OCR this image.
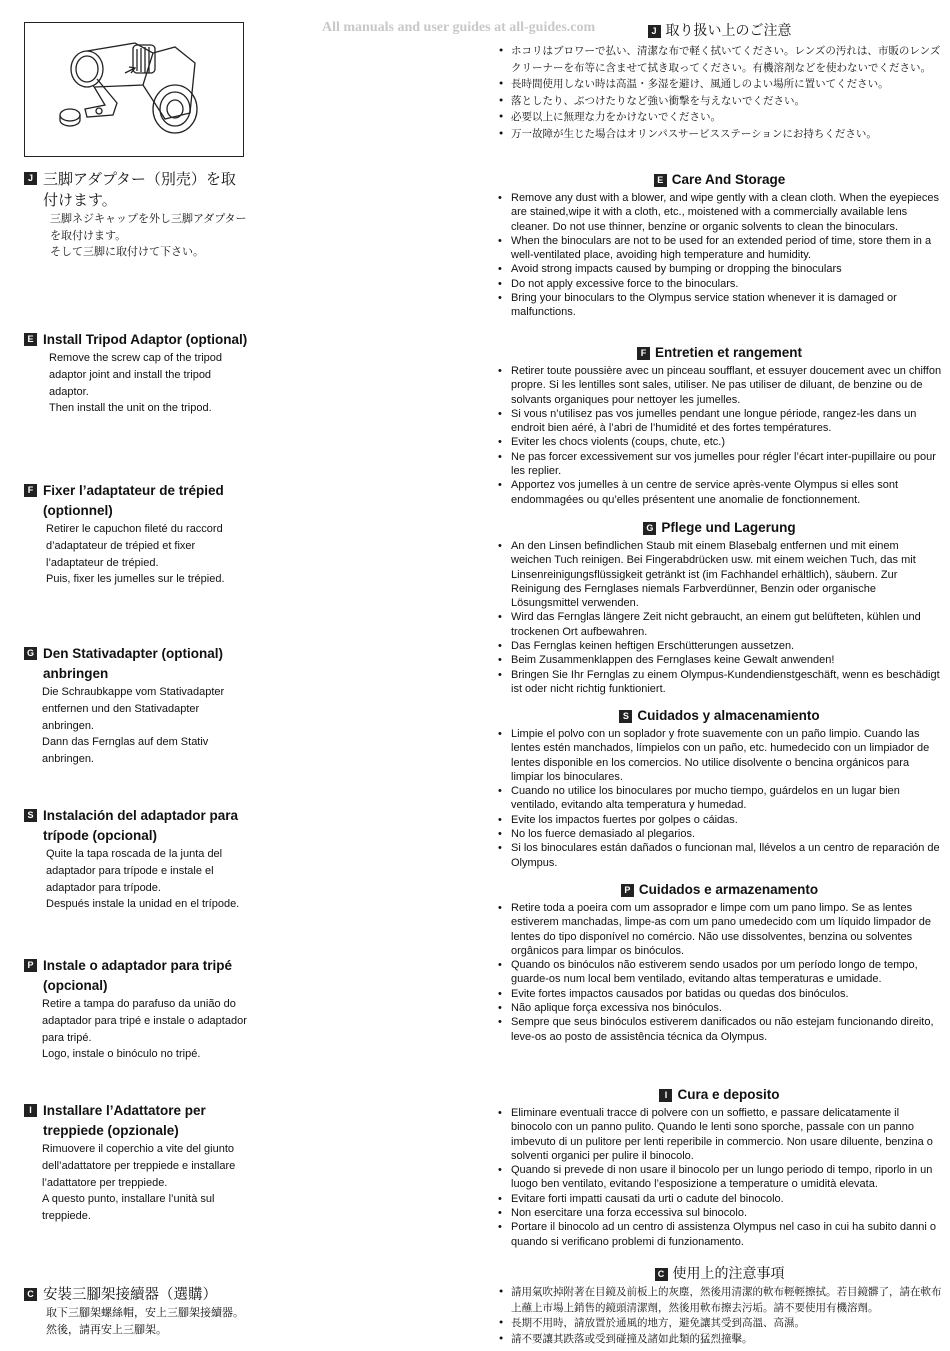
All manuals and user guides at all-guides.com
J 三脚アダプター（別売）を取付けます。

三脚ネジキャップを外し三脚アダプターを取付けます。

そして三脚に取付けて下さい。

E Install Tripod Adaptor (optional)

Remove the screw cap of the tripod adaptor joint and install the tripod adaptor.

Then install the unit on the tripod.

F Fixer l’adaptateur de trépied (optionnel)

Retirer le capuchon fileté du raccord d’adaptateur de trépied et fixer l’adaptateur de trépied.

Puis, fixer les jumelles sur le trépied.

G Den Stativadapter (optional) anbringen

Die Schraubkappe vom Stativadapter entfernen und den Stativadapter anbringen.

Dann das Fernglas auf dem Stativ anbringen.

S Instalación del adaptador para trípode (opcional)

Quite la tapa roscada de la junta del adaptador para trípode e instale el adaptador para trípode.

Después instale la unidad en el trípode.

P Instale o adaptador para tripé (opcional)

Retire a tampa do parafuso da união do adaptador para tripé e instale o adaptador para tripé.

Logo, instale o binóculo no tripé.

I Installare l’Adattatore per treppiede (opzionale)

Rimuovere il coperchio a vite del giunto dell’adattatore per treppiede e installare l’adattatore per treppiede.

A questo punto, installare l’unità sul treppiede.

C 安裝三腳架接續器（選購）

取下三腳架螺絲帽，安上三腳架接續器。然後，請再安上三腳架。

J 取り扱い上のご注意
• ホコリはブロワーで払い、清潔な布で軽く拭いてください。レンズの汚れは、市販のレンズクリーナーを布等に含ませて拭き取ってください。有機溶剤などを使わないでください。
• 長時間使用しない時は高温・多湿を避け、風通しのよい場所に置いてください。
• 落としたり、ぶつけたりなど強い衝撃を与えないでください。
• 必要以上に無理な力をかけないでください。
• 万一故障が生じた場合はオリンパスサービスステーションにお持ちください。
E Care And Storage
• Remove any dust with a blower, and wipe gently with a clean cloth. When the eyepieces are stained,wipe it with a cloth, etc., moistened with a commercially available lens cleaner. Do not use thinner, benzine or organic solvents to clean the binoculars.
• When the binoculars are not to be used for an extended period of time, store them in a well-ventilated place, avoiding high temperature and humidity.
• Avoid strong impacts caused by bumping or dropping the binoculars
• Do not apply excessive force to the binoculars.
• Bring your binoculars to the Olympus service station whenever it is damaged or malfunctions.
F Entretien et rangement
• Retirer toute poussière avec un pinceau soufflant, et essuyer doucement avec un chiffon propre. Si les lentilles sont sales, utiliser. Ne pas utiliser de diluant, de benzine ou de solvants organiques pour nettoyer les jumelles.
• Si vous n’utilisez pas vos jumelles pendant une longue période, rangez-les dans un endroit bien aéré, à l’abri de l’humidité et des fortes températures.
• Eviter les chocs violents (coups, chute, etc.)
• Ne pas forcer excessivement sur vos jumelles pour régler l’écart inter-pupillaire ou pour les replier.
• Apportez vos jumelles à un centre de service après-vente Olympus si elles sont endommagées ou qu’elles présentent une anomalie de fonctionnement.
G Pflege und Lagerung
• An den Linsen befindlichen Staub mit einem Blasebalg entfernen und mit einem weichen Tuch reinigen. Bei Fingerabdrücken usw. mit einem weichen Tuch, das mit Linsenreinigungsflüssigkeit getränkt ist (im Fachhandel erhältlich), säubern. Zur Reinigung des Fernglases niemals Farbverdünner, Benzin oder organische Lösungsmittel verwenden.
• Wird das Fernglas längere Zeit nicht gebraucht, an einem gut belüfteten, kühlen und trockenen Ort aufbewahren.
• Das Fernglas keinen heftigen Erschütterungen aussetzen.
• Beim Zusammenklappen des Fernglases keine Gewalt anwenden!
• Bringen Sie Ihr Fernglas zu einem Olympus-Kundendienstgeschäft, wenn es beschädigt ist oder nicht richtig funktioniert.
S Cuidados y almacenamiento
• Limpie el polvo con un soplador y frote suavemente con un paño limpio. Cuando las lentes estén manchados, límpielos con un paño, etc. humedecido con un limpiador de lentes disponible en los comercios. No utilice disolvente o bencina orgánicos para limpiar los binoculares.
• Cuando no utilice los binoculares por mucho tiempo, guárdelos en un lugar bien ventilado, evitando alta temperatura y humedad.
• Evite los impactos fuertes por golpes o cáidas.
• No los fuerce demasiado al plegarios.
• Si los binoculares están dañados o funcionan mal, llévelos a un centro de reparación de Olympus.
P Cuidados e armazenamento
• Retire toda a poeira com um assoprador e limpe com um pano limpo. Se as lentes estiverem manchadas, limpe-as com um pano umedecido com um líquido limpador de lentes do tipo disponível no comércio. Não use dissolventes, benzina ou solventes orgânicos para limpar os binóculos.
• Quando os binóculos não estiverem sendo usados por um período longo de tempo, guarde-os num local bem ventilado, evitando altas temperaturas e umidade.
• Evite fortes impactos causados por batidas ou quedas dos binóculos.
• Não aplique força excessiva nos binóculos.
• Sempre que seus binóculos estiverem danificados ou não estejam funcionando direito, leve-os ao posto de assistência técnica da Olympus.
I Cura e deposito
• Eliminare eventuali tracce di polvere con un soffietto, e passare delicatamente il binocolo con un panno pulito. Quando le lenti sono sporche, passale con un panno imbevuto di un pulitore per lenti reperibile in commercio. Non usare diluente, benzina o solventi organici per pulire il binocolo.
• Quando si prevede di non usare il binocolo per un lungo periodo di tempo, riporlo in un luogo ben ventilato, evitando l’esposizione a temperature o umidità elevata.
• Evitare forti impatti causati da urti o cadute del binocolo.
• Non esercitare una forza eccessiva sul binocolo.
• Portare il binocolo ad un centro di assistenza Olympus nel caso in cui ha subito danni o quando si verificano problemi di funzionamento.
C 使用上的注意事項
• 請用氣吹掉附著在目鏡及前板上的灰塵，然後用清潔的軟布輕輕擦拭。若目鏡髒了，請在軟布上蘸上市場上銷售的鏡頭清潔劑，然後用軟布擦去污垢。請不要使用有機溶劑。
• 長期不用時，請放置於通風的地方，避免讓其受到高溫、高濕。
• 請不要讓其跌落或受到碰撞及諸如此類的猛烈撞擊。
